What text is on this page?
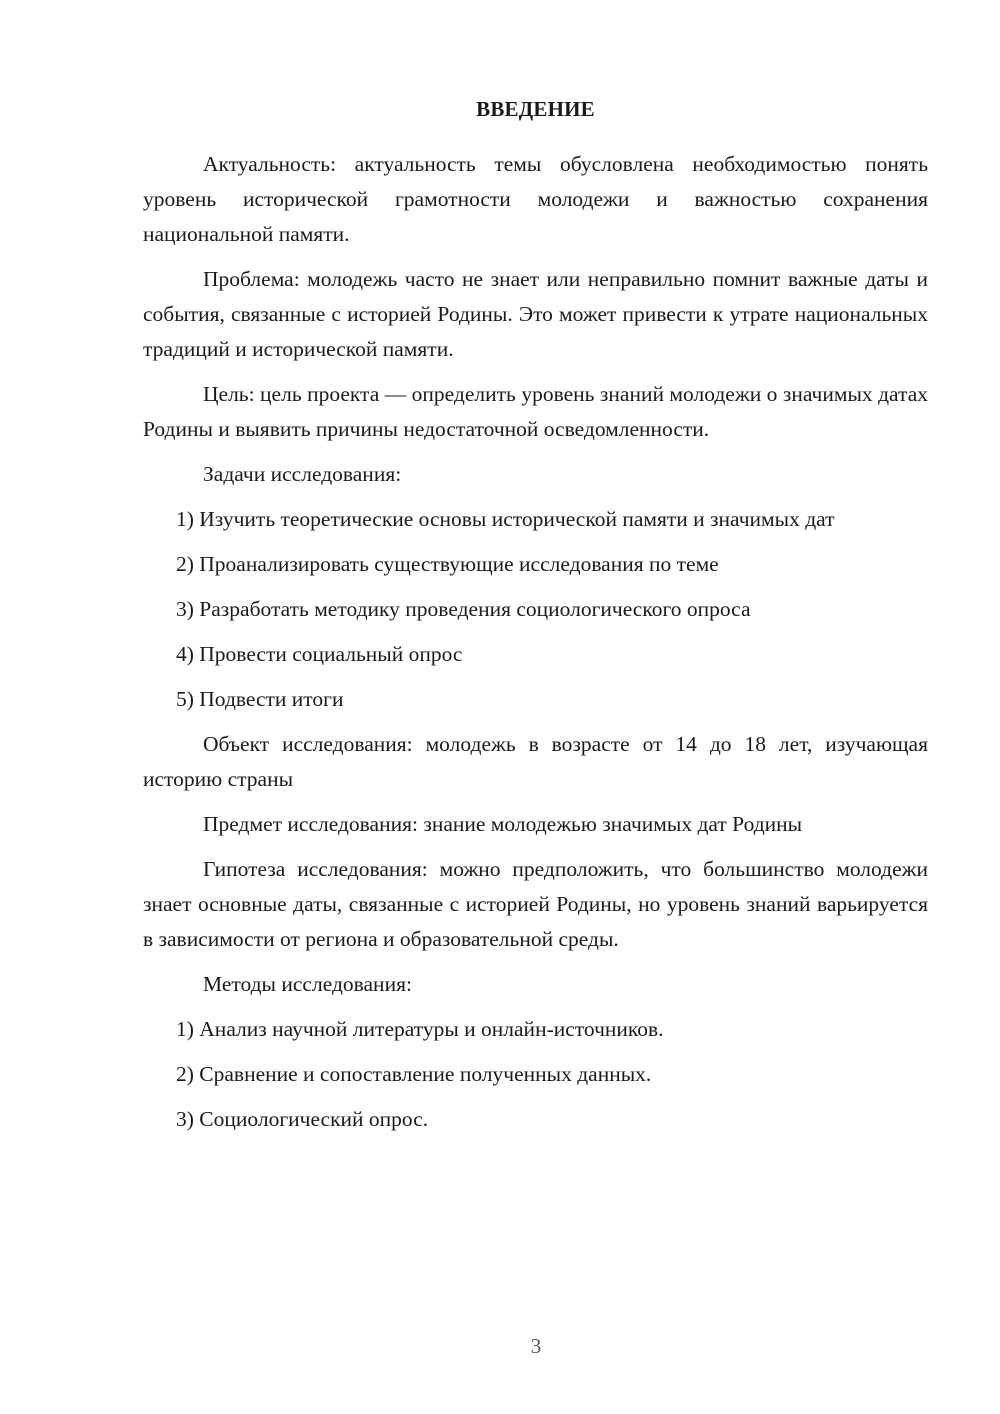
ВВЕДЕНИЕ

Актуальность: актуальность темы обусловлена необходимостью понять уровень исторической грамотности молодежи и важностью сохранения национальной памяти.

Проблема: молодежь часто не знает или неправильно помнит важные даты и события, связанные с историей Родины. Это может привести к утрате национальных традиций и исторической памяти.

Цель: цель проекта — определить уровень знаний молодежи о значимых датах Родины и выявить причины недостаточной осведомленности.

Задачи исследования:

1) Изучить теоретические основы исторической памяти и значимых дат

2) Проанализировать существующие исследования по теме

3) Разработать методику проведения социологического опроса

4) Провести социальный опрос

5) Подвести итоги

Объект исследования: молодежь в возрасте от 14 до 18 лет, изучающая историю страны

Предмет исследования: знание молодежью значимых дат Родины

Гипотеза исследования: можно предположить, что большинство молодежи знает основные даты, связанные с историей Родины, но уровень знаний варьируется в зависимости от региона и образовательной среды.

Методы исследования:

1) Анализ научной литературы и онлайн-источников.

2) Сравнение и сопоставление полученных данных.

3) Социологический опрос.

3
